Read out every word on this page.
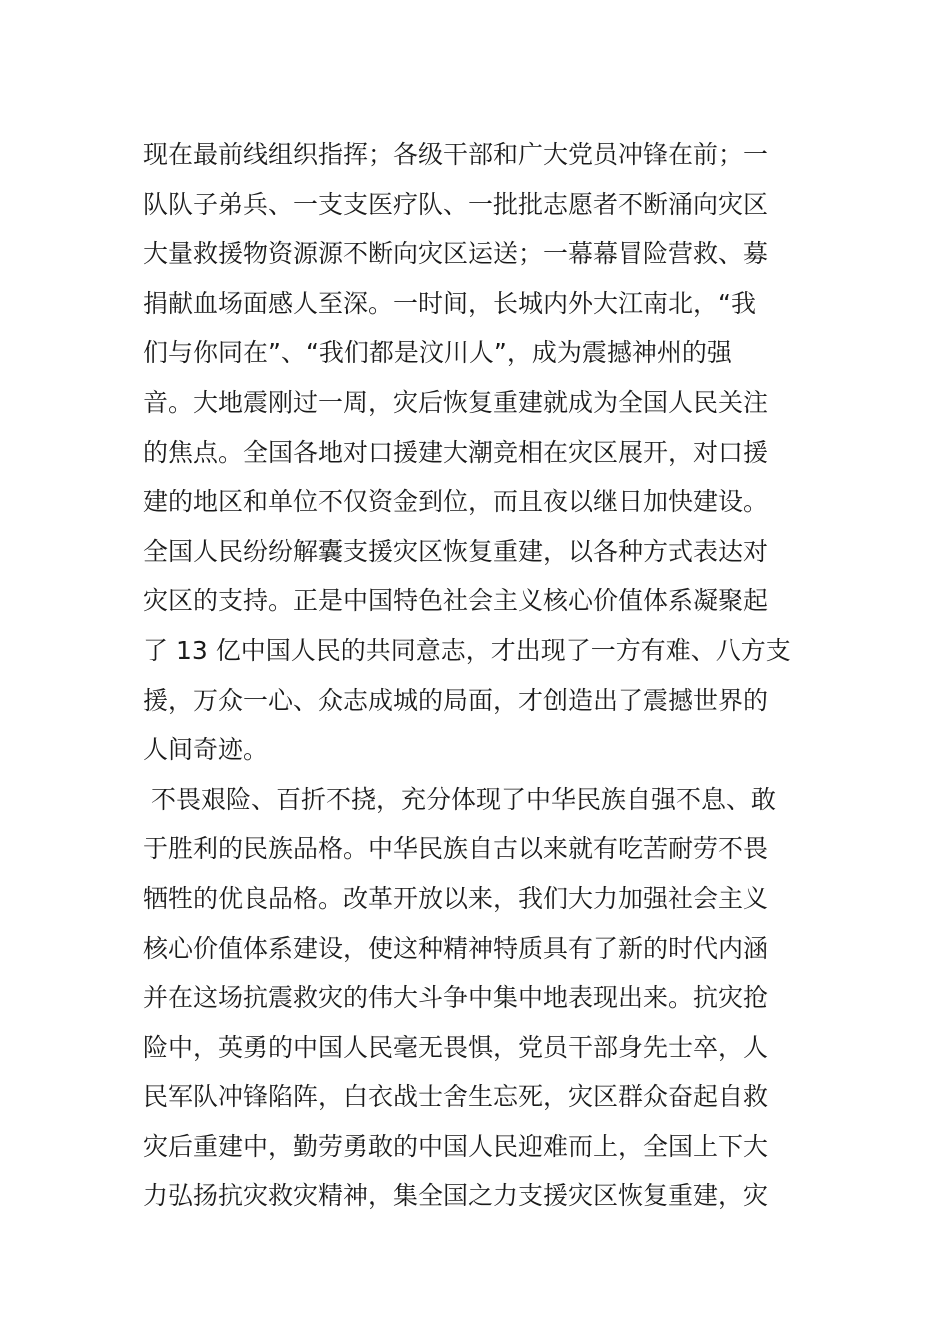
现在最前线组织指挥；各级干部和广大党员冲锋在前；一
队队子弟兵、一支支医疗队、一批批志愿者不断涌向灾区
大量救援物资源源不断向灾区运送；一幕幕冒险营救、募
捐献血场面感人至深。一时间，长城内外大江南北，“我
们与你同在”、“我们都是汶川人”，成为震撼神州的强
音。大地震刚过一周，灾后恢复重建就成为全国人民关注
的焦点。全国各地对口援建大潮竞相在灾区展开，对口援
建的地区和单位不仅资金到位，而且夜以继日加快建设。
全国人民纷纷解囊支援灾区恢复重建，以各种方式表达对
灾区的支持。正是中国特色社会主义核心价值体系凝聚起
了 13 亿中国人民的共同意志，才出现了一方有难、八方支
援，万众一心、众志成城的局面，才创造出了震撼世界的
人间奇迹。
不畏艰险、百折不挠，充分体现了中华民族自强不息、敢
于胜利的民族品格。中华民族自古以来就有吃苦耐劳不畏
牺牲的优良品格。改革开放以来，我们大力加强社会主义
核心价值体系建设，使这种精神特质具有了新的时代内涵
并在这场抗震救灾的伟大斗争中集中地表现出来。抗灾抢
险中，英勇的中国人民毫无畏惧，党员干部身先士卒，人
民军队冲锋陷阵，白衣战士舍生忘死，灾区群众奋起自救
灾后重建中，勤劳勇敢的中国人民迎难而上，全国上下大
力弘扬抗灾救灾精神，集全国之力支援灾区恢复重建，灾
